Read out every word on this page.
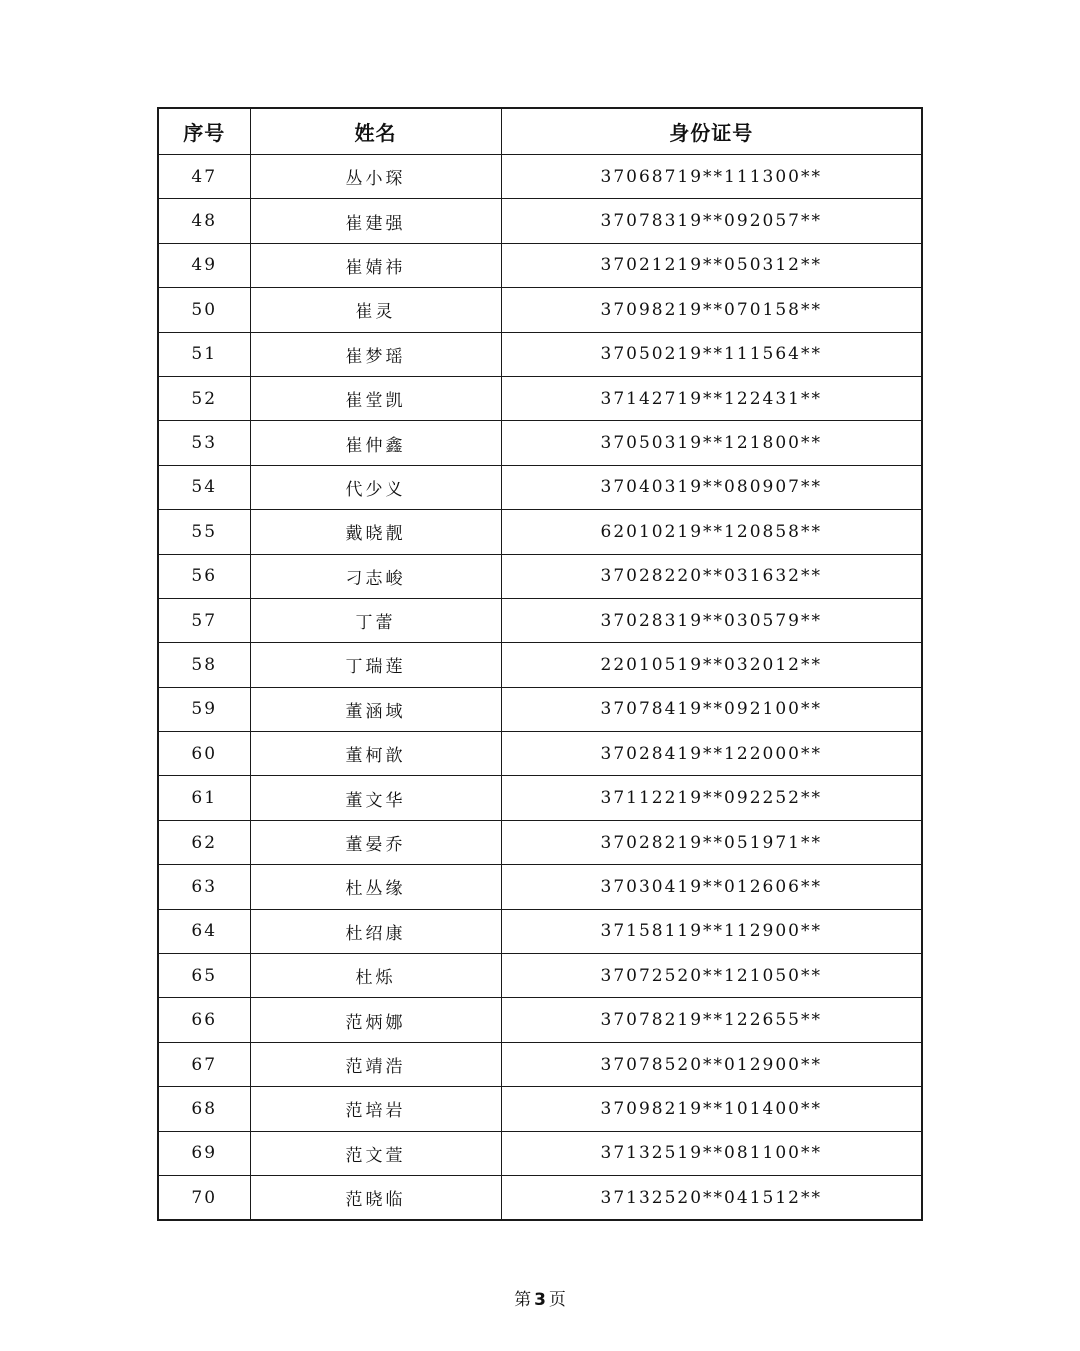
序号	姓名	身份证号
47	丛小琛	37068719**111300**
48	崔建强	37078319**092057**
49	崔婧祎	37021219**050312**
50	崔灵	37098219**070158**
51	崔梦瑶	37050219**111564**
52	崔堂凯	37142719**122431**
53	崔仲鑫	37050319**121800**
54	代少义	37040319**080907**
55	戴晓靓	62010219**120858**
56	刁志峻	37028220**031632**
57	丁蕾	37028319**030579**
58	丁瑞莲	22010519**032012**
59	董涵域	37078419**092100**
60	董柯歆	37028419**122000**
61	董文华	37112219**092252**
62	董晏乔	37028219**051971**
63	杜丛缘	37030419**012606**
64	杜绍康	37158119**112900**
65	杜烁	37072520**121050**
66	范炳娜	37078219**122655**
67	范靖浩	37078520**012900**
68	范培岩	37098219**101400**
69	范文萱	37132519**081100**
70	范晓临	37132520**041512**
第 3 页
